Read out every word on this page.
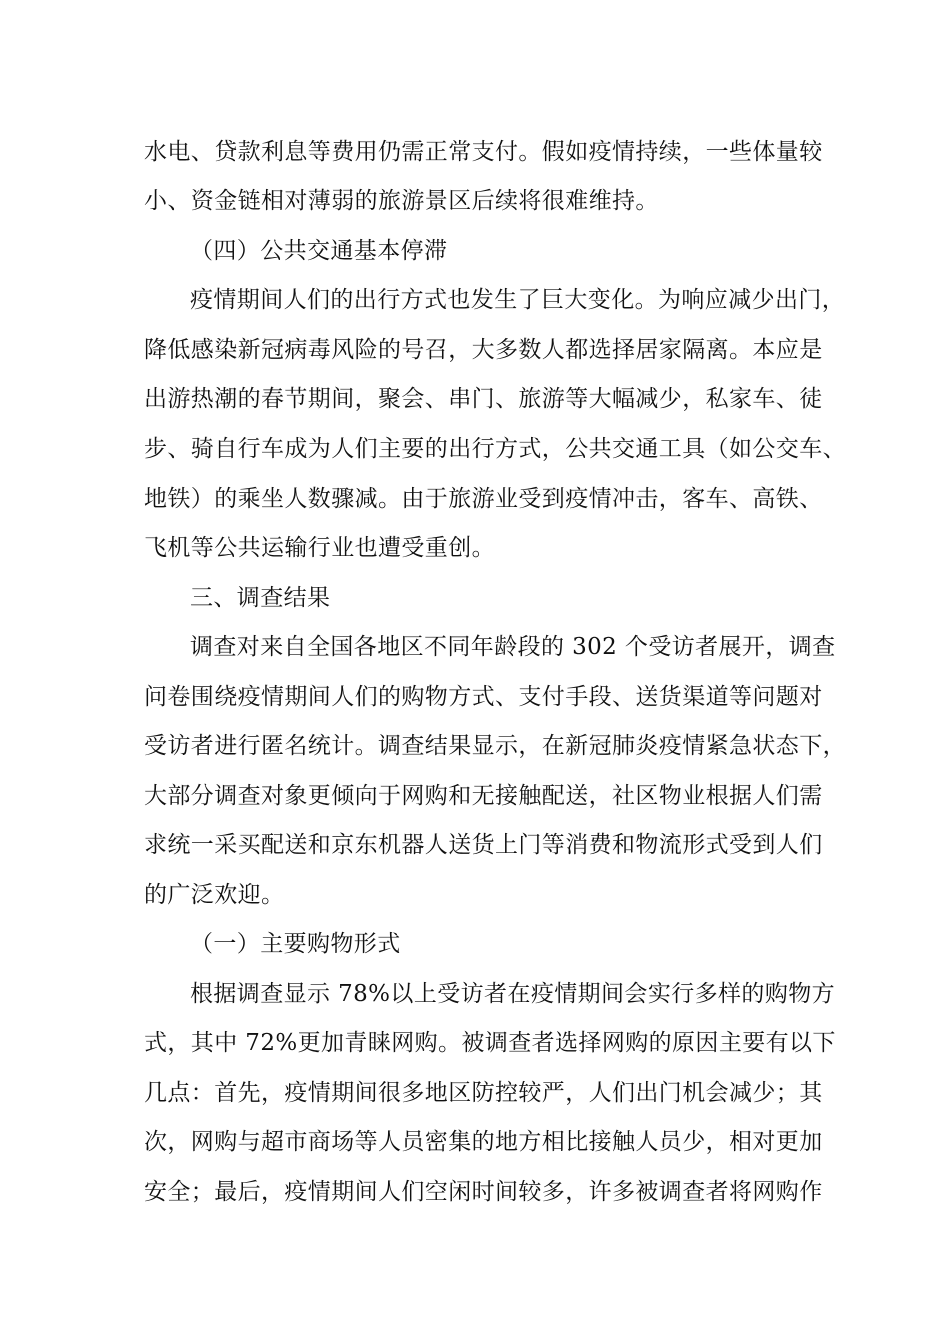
水电、贷款利息等费用仍需正常支付。假如疫情持续，一些体量较
小、资金链相对薄弱的旅游景区后续将很难维持。
（四）公共交通基本停滞
疫情期间人们的出行方式也发生了巨大变化。为响应减少出门，
降低感染新冠病毒风险的号召，大多数人都选择居家隔离。本应是
出游热潮的春节期间，聚会、串门、旅游等大幅减少，私家车、徒
步、骑自行车成为人们主要的出行方式，公共交通工具（如公交车、
地铁）的乘坐人数骤减。由于旅游业受到疫情冲击，客车、高铁、
飞机等公共运输行业也遭受重创。
三、调查结果
调查对来自全国各地区不同年龄段的 302 个受访者展开，调查
问卷围绕疫情期间人们的购物方式、支付手段、送货渠道等问题对
受访者进行匿名统计。调查结果显示，在新冠肺炎疫情紧急状态下，
大部分调查对象更倾向于网购和无接触配送，社区物业根据人们需
求统一采买配送和京东机器人送货上门等消费和物流形式受到人们
的广泛欢迎。
（一）主要购物形式
根据调查显示 78%以上受访者在疫情期间会实行多样的购物方
式，其中 72%更加青睐网购。被调查者选择网购的原因主要有以下
几点：首先，疫情期间很多地区防控较严，人们出门机会减少；其
次，网购与超市商场等人员密集的地方相比接触人员少，相对更加
安全；最后，疫情期间人们空闲时间较多，许多被调查者将网购作
